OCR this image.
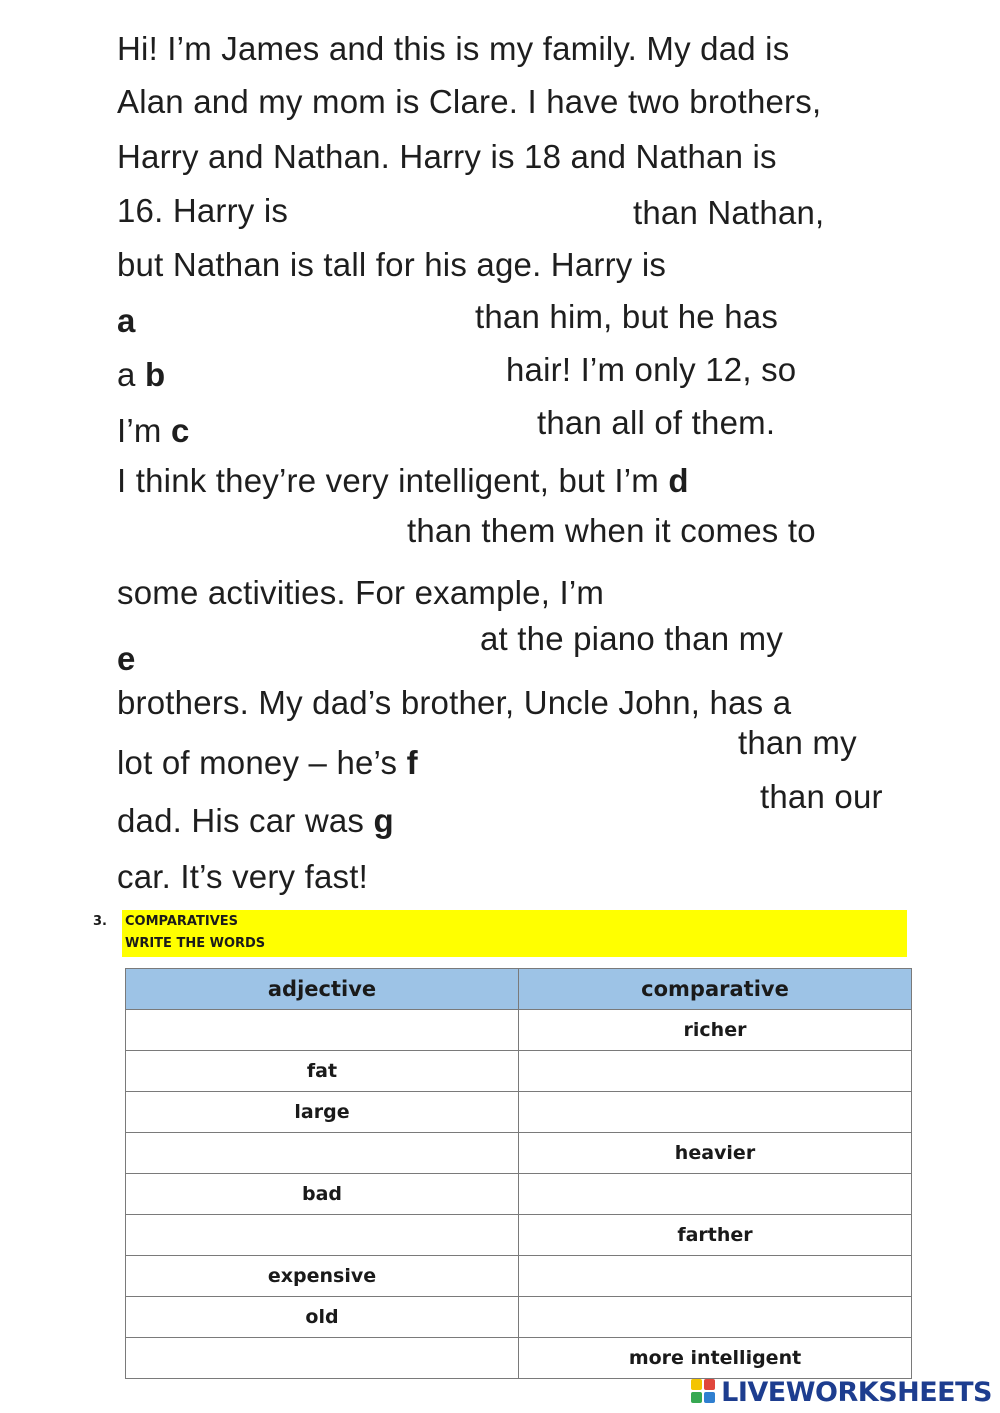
Hi! I’m James and this is my family. My dad is
Alan and my mom is Clare. I have two brothers,
Harry and Nathan. Harry is 18 and Nathan is
16. Harry is	than Nathan,
but Nathan is tall for his age. Harry is
a	than him, but he has
a b	hair! I’m only 12, so
I’m c	than all of them.
I think they’re very intelligent, but I’m d
than them when it comes to
some activities. For example, I’m
e
at the piano than my
brothers. My dad’s brother, Uncle John, has a
lot of money – he’s f
than my
dad. His car was g
than our
car. It’s very fast!
3. COMPARATIVES
WRITE THE WORDS
adjective	comparative
	richer
fat	
large	
	heavier
bad	
	farther
expensive	
old	
	more intelligent
LIVEWORKSHEETS
